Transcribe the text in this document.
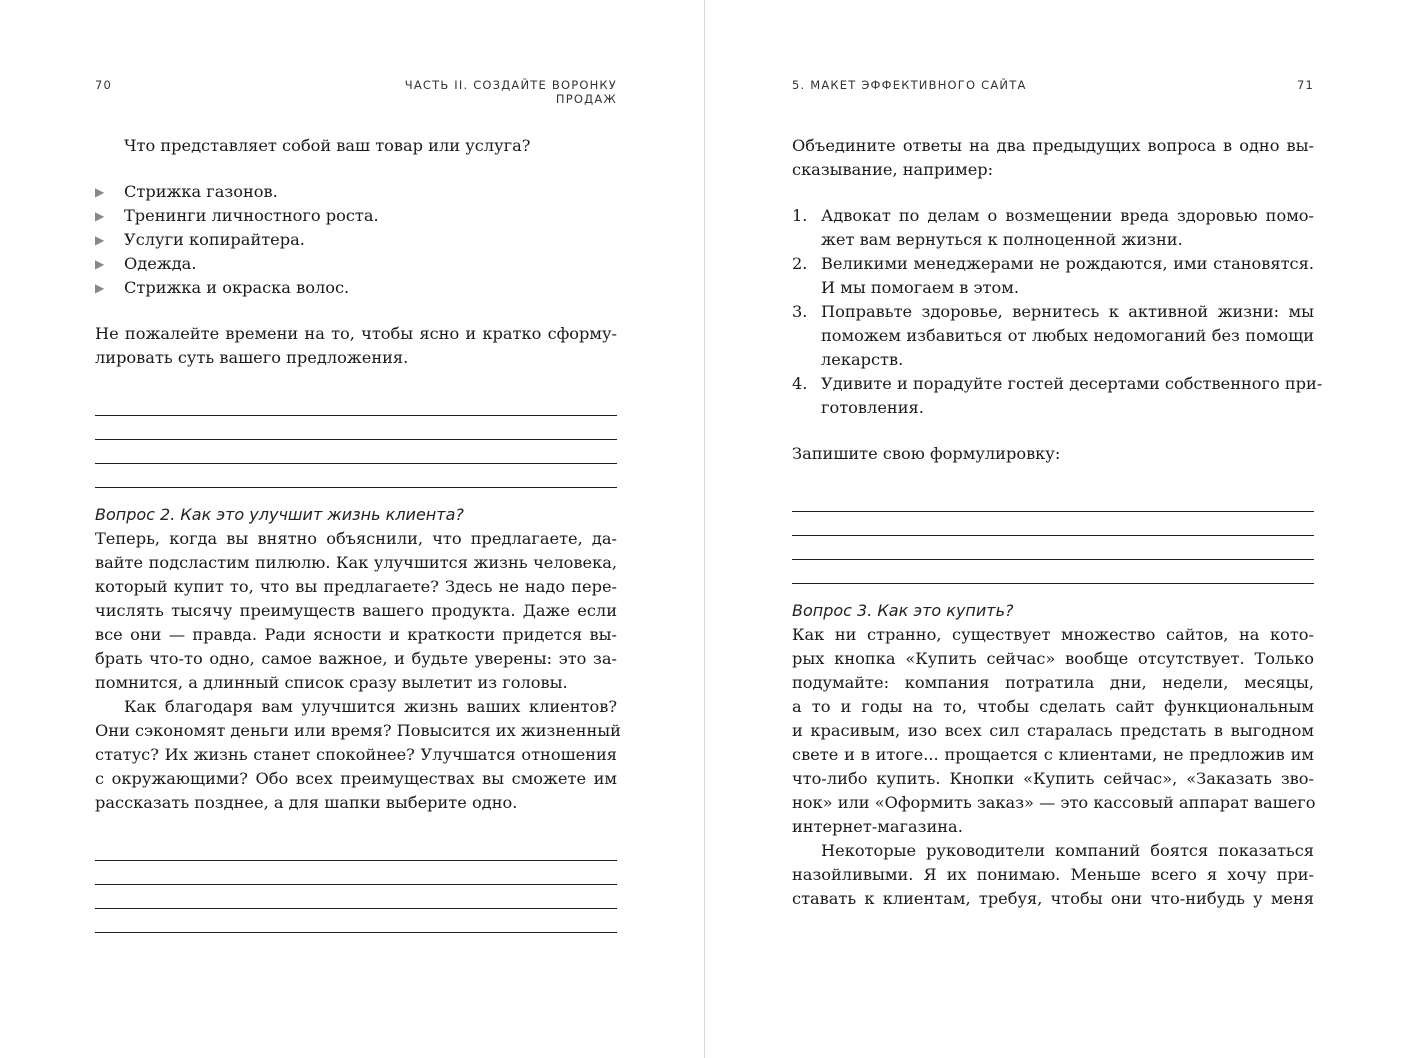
70	ЧАСТЬ II. СОЗДАЙТЕ ВОРОНКУ ПРОДАЖ
5. МАКЕТ ЭФФЕКТИВНОГО САЙТА	71
Что представляет собой ваш товар или услуга?
▶ Стрижка газонов.
▶ Тренинги личностного роста.
▶ Услуги копирайтера.
▶ Одежда.
▶ Стрижка и окраска волос.
Не пожалейте времени на то, чтобы ясно и кратко сформу-
лировать суть вашего предложения.
Вопрос 2. Как это улучшит жизнь клиента?
Теперь, когда вы внятно объяснили, что предлагаете, да-
вайте подсластим пилюлю. Как улучшится жизнь человека,
который купит то, что вы предлагаете? Здесь не надо пере-
числять тысячу преимуществ вашего продукта. Даже если
все они — правда. Ради ясности и краткости придется вы-
брать что-то одно, самое важное, и будьте уверены: это за-
помнится, а длинный список сразу вылетит из головы.
Как благодаря вам улучшится жизнь ваших клиентов?
Они сэкономят деньги или время? Повысится их жизненный
статус? Их жизнь станет спокойнее? Улучшатся отношения
с окружающими? Обо всех преимуществах вы сможете им
рассказать позднее, а для шапки выберите одно.
Объедините ответы на два предыдущих вопроса в одно вы-
сказывание, например:
1. Адвокат по делам о возмещении вреда здоровью помо-
жет вам вернуться к полноценной жизни.
2. Великими менеджерами не рождаются, ими становятся.
И мы помогаем в этом.
3. Поправьте здоровье, вернитесь к активной жизни: мы
поможем избавиться от любых недомоганий без помощи
лекарств.
4. Удивите и порадуйте гостей десертами собственного при-
готовления.
Запишите свою формулировку:
Вопрос 3. Как это купить?
Как ни странно, существует множество сайтов, на кото-
рых кнопка «Купить сейчас» вообще отсутствует. Только
подумайте: компания потратила дни, недели, месяцы,
а то и годы на то, чтобы сделать сайт функциональным
и красивым, изо всех сил старалась предстать в выгодном
свете и в итоге... прощается с клиентами, не предложив им
что-либо купить. Кнопки «Купить сейчас», «Заказать зво-
нок» или «Оформить заказ» — это кассовый аппарат вашего
интернет-магазина.
Некоторые руководители компаний боятся показаться
назойливыми. Я их понимаю. Меньше всего я хочу при-
ставать к клиентам, требуя, чтобы они что-нибудь у меня
